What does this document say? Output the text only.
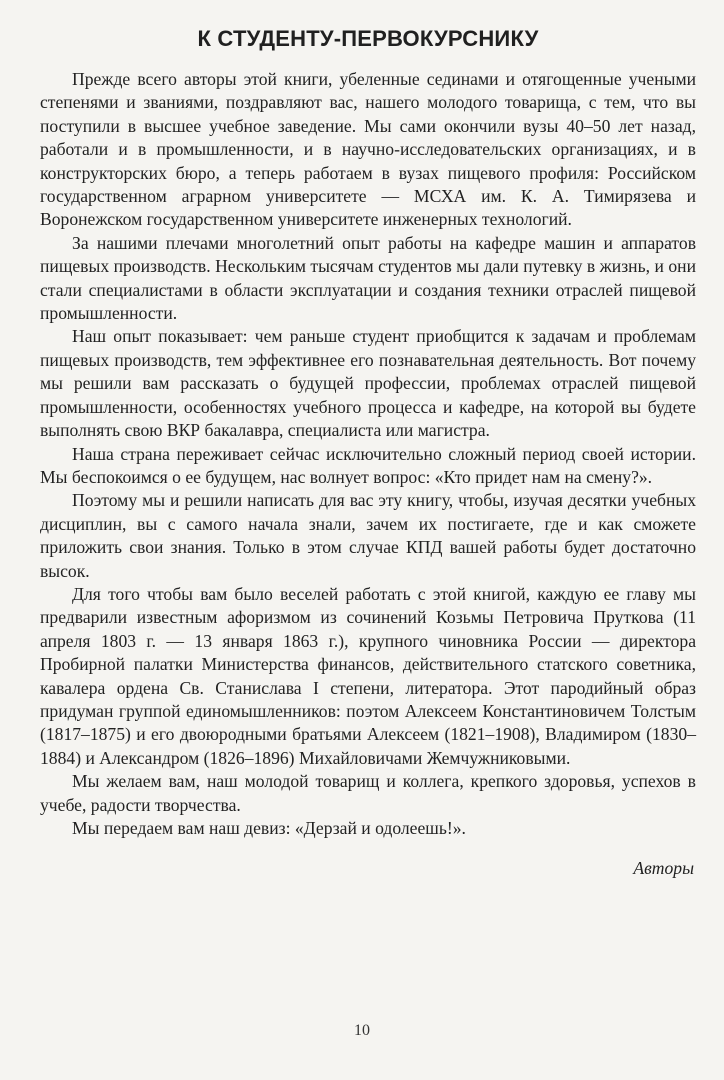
К СТУДЕНТУ-ПЕРВОКУРСНИКУ

Прежде всего авторы этой книги, убеленные сединами и отягощенные учеными степенями и званиями, поздравляют вас, нашего молодого товарища, с тем, что вы поступили в высшее учебное заведение. Мы сами окончили вузы 40–50 лет назад, работали и в промышленности, и в научно-исследовательских организациях, и в конструкторских бюро, а теперь работаем в вузах пищевого профиля: Российском государственном аграрном университете — МСХА им. К. А. Тимирязева и Воронежском государственном университете инженерных технологий.

За нашими плечами многолетний опыт работы на кафедре машин и аппаратов пищевых производств. Нескольким тысячам студентов мы дали путевку в жизнь, и они стали специалистами в области эксплуатации и создания техники отраслей пищевой промышленности.

Наш опыт показывает: чем раньше студент приобщится к задачам и проблемам пищевых производств, тем эффективнее его познавательная деятельность. Вот почему мы решили вам рассказать о будущей профессии, проблемах отраслей пищевой промышленности, особенностях учебного процесса и кафедре, на которой вы будете выполнять свою ВКР бакалавра, специалиста или магистра.

Наша страна переживает сейчас исключительно сложный период своей истории. Мы беспокоимся о ее будущем, нас волнует вопрос: «Кто придет нам на смену?».

Поэтому мы и решили написать для вас эту книгу, чтобы, изучая десятки учебных дисциплин, вы с самого начала знали, зачем их постигаете, где и как сможете приложить свои знания. Только в этом случае КПД вашей работы будет достаточно высок.

Для того чтобы вам было веселей работать с этой книгой, каждую ее главу мы предварили известным афоризмом из сочинений Козьмы Петровича Пруткова (11 апреля 1803 г. — 13 января 1863 г.), крупного чиновника России — директора Пробирной палатки Министерства финансов, действительного статского советника, кавалера ордена Св. Станислава I степени, литератора. Этот пародийный образ придуман группой единомышленников: поэтом Алексеем Константиновичем Толстым (1817–1875) и его двоюродными братьями Алексеем (1821–1908), Владимиром (1830–1884) и Александром (1826–1896) Михайловичами Жемчужниковыми.

Мы желаем вам, наш молодой товарищ и коллега, крепкого здоровья, успехов в учебе, радости творчества.

Мы передаем вам наш девиз: «Дерзай и одолеешь!».

Авторы
10
